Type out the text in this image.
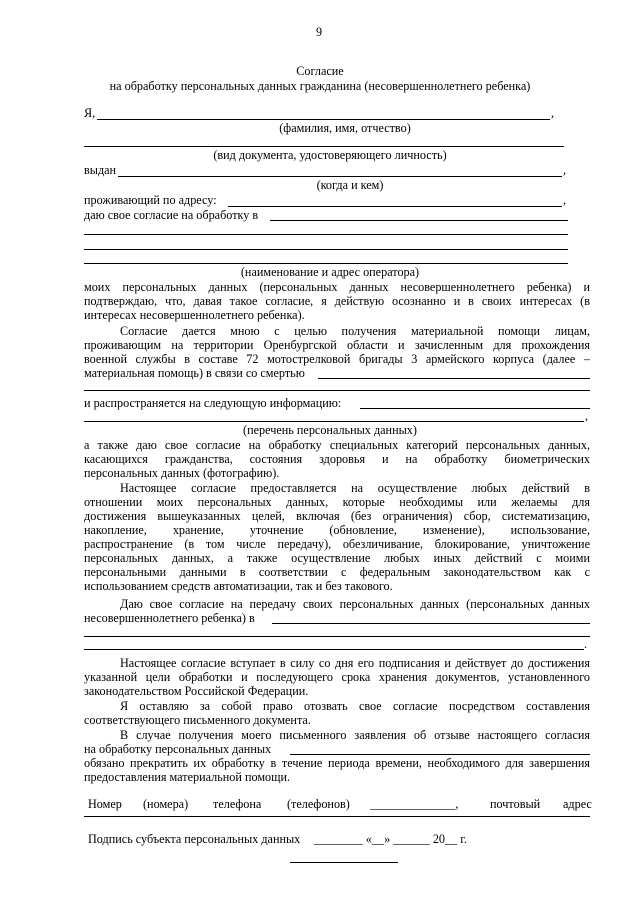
9
Согласие
на обработку персональных данных гражданина (несовершеннолетнего ребенка)
Я,	,
(фамилия, имя, отчество)
(вид документа, удостоверяющего личность)
выдан	,
(когда и кем)
проживающий по адресу:	,
даю свое согласие на обработку в
(наименование и адрес оператора)
моих персональных данных (персональных данных несовершеннолетнего ребенка) и
подтверждаю, что, давая такое согласие, я действую осознанно и в своих интересах (в
интересах несовершеннолетнего ребенка).
Согласие дается мною с целью получения материальной помощи лицам,
проживающим на территории Оренбургской области и зачисленным для прохождения
военной службы в составе 72 мотострелковой бригады 3 армейского корпуса (далее –
материальная помощь) в связи со смертью
и распространяется на следующую информацию:
,
(перечень персональных данных)
а также даю свое согласие на обработку специальных категорий персональных данных,
касающихся гражданства, состояния здоровья и на обработку биометрических
персональных данных (фотографию).
Настоящее согласие предоставляется на осуществление любых действий в
отношении моих персональных данных, которые необходимы или желаемы для
достижения вышеуказанных целей, включая (без ограничения) сбор, систематизацию,
накопление, хранение, уточнение (обновление, изменение), использование,
распространение (в том числе передачу), обезличивание, блокирование, уничтожение
персональных данных, а также осуществление любых иных действий с моими
персональными данными в соответствии с федеральным законодательством как с
использованием средств автоматизации, так и без такового.
Даю свое согласие на передачу своих персональных данных (персональных данных
несовершеннолетнего ребенка) в
.
Настоящее согласие вступает в силу со дня его подписания и действует до достижения
указанной цели обработки и последующего срока хранения документов, установленного
законодательством Российской Федерации.
Я оставляю за собой право отозвать свое согласие посредством составления
соответствующего письменного документа.
В случае получения моего письменного заявления об отзыве настоящего согласия
на обработку персональных данных
обязано прекратить их обработку в течение периода времени, необходимого для завершения
предоставления материальной помощи.
Номер (номера) телефона (телефонов) ______________,	почтовый адрес
Подпись субъекта персональных данных ________ «__» ______ 20__ г.
